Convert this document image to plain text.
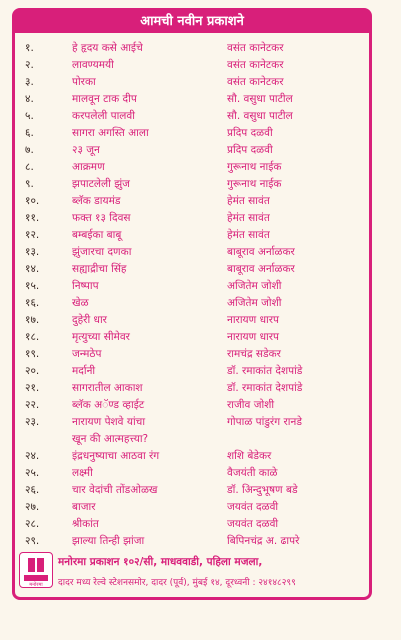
आमची नवीन प्रकाशने
१.	हे हृदय कसे आईचे	वसंत कानेटकर
२.	लावण्यमयी	वसंत कानेटकर
३.	पोरका	वसंत कानेटकर
४.	मालवून टाक दीप	सौ. वसुधा पाटील
५.	करपलेली पालवी	सौ. वसुधा पाटील
६.	सागरा अगस्ति आला	प्रदिप दळवी
७.	२३ जून	प्रदिप दळवी
८.	आक्रमण	गुरूनाथ नाईक
९.	झपाटलेली झुंज	गुरूनाथ नाईक
१०.	ब्लॅक डायमंड	हेमंत सावंत
११.	फक्त १३ दिवस	हेमंत सावंत
१२.	बम्बईका बाबू	हेमंत सावंत
१३.	झुंजारचा दणका	बाबूराव अर्नाळकर
१४.	सह्याद्रीचा सिंह	बाबूराव अर्नाळकर
१५.	निष्पाप	अजितेम जोशी
१६.	खेळ	अजितेम जोशी
१७.	दुहेरी धार	नारायण धारप
१८.	मृत्युच्या सीमेवर	नारायण धारप
१९.	जन्मठेप	रामचंद्र सडेकर
२०.	मर्दानी	डॉ. रमाकांत देशपांडे
२१.	सागरातील आकाश	डॉ. रमाकांत देशपांडे
२२.	ब्लॅक अॅण्ड व्हाईट	राजीव जोशी
२३.	नारायण पेशवे यांचा	गोपाळ पांडुरंग रानडे
खून की आत्महत्त्या?
२४.	इंद्रधनुष्याचा आठवा रंग	शशि बेडेकर
२५.	लक्ष्मी	वैजयंती काळे
२६.	चार वेदांची तोंडओळख	डॉ. अिन्दुभूषण बडे
२७.	बाजार	जयवंत दळवी
२८.	श्रीकांत	जयवंत दळवी
२९.	झाल्या तिन्ही झांजा	बिपिनचंद्र अ. ढापरे
मनोरमा
मनोरमा प्रकाशन १०२/सी, माधववाडी, पहिला मजला,
दादर मध्य रेल्वे स्टेशनसमोर, दादर (पूर्व), मुंबई १४, दूरध्वनी : २४१४८२९९
